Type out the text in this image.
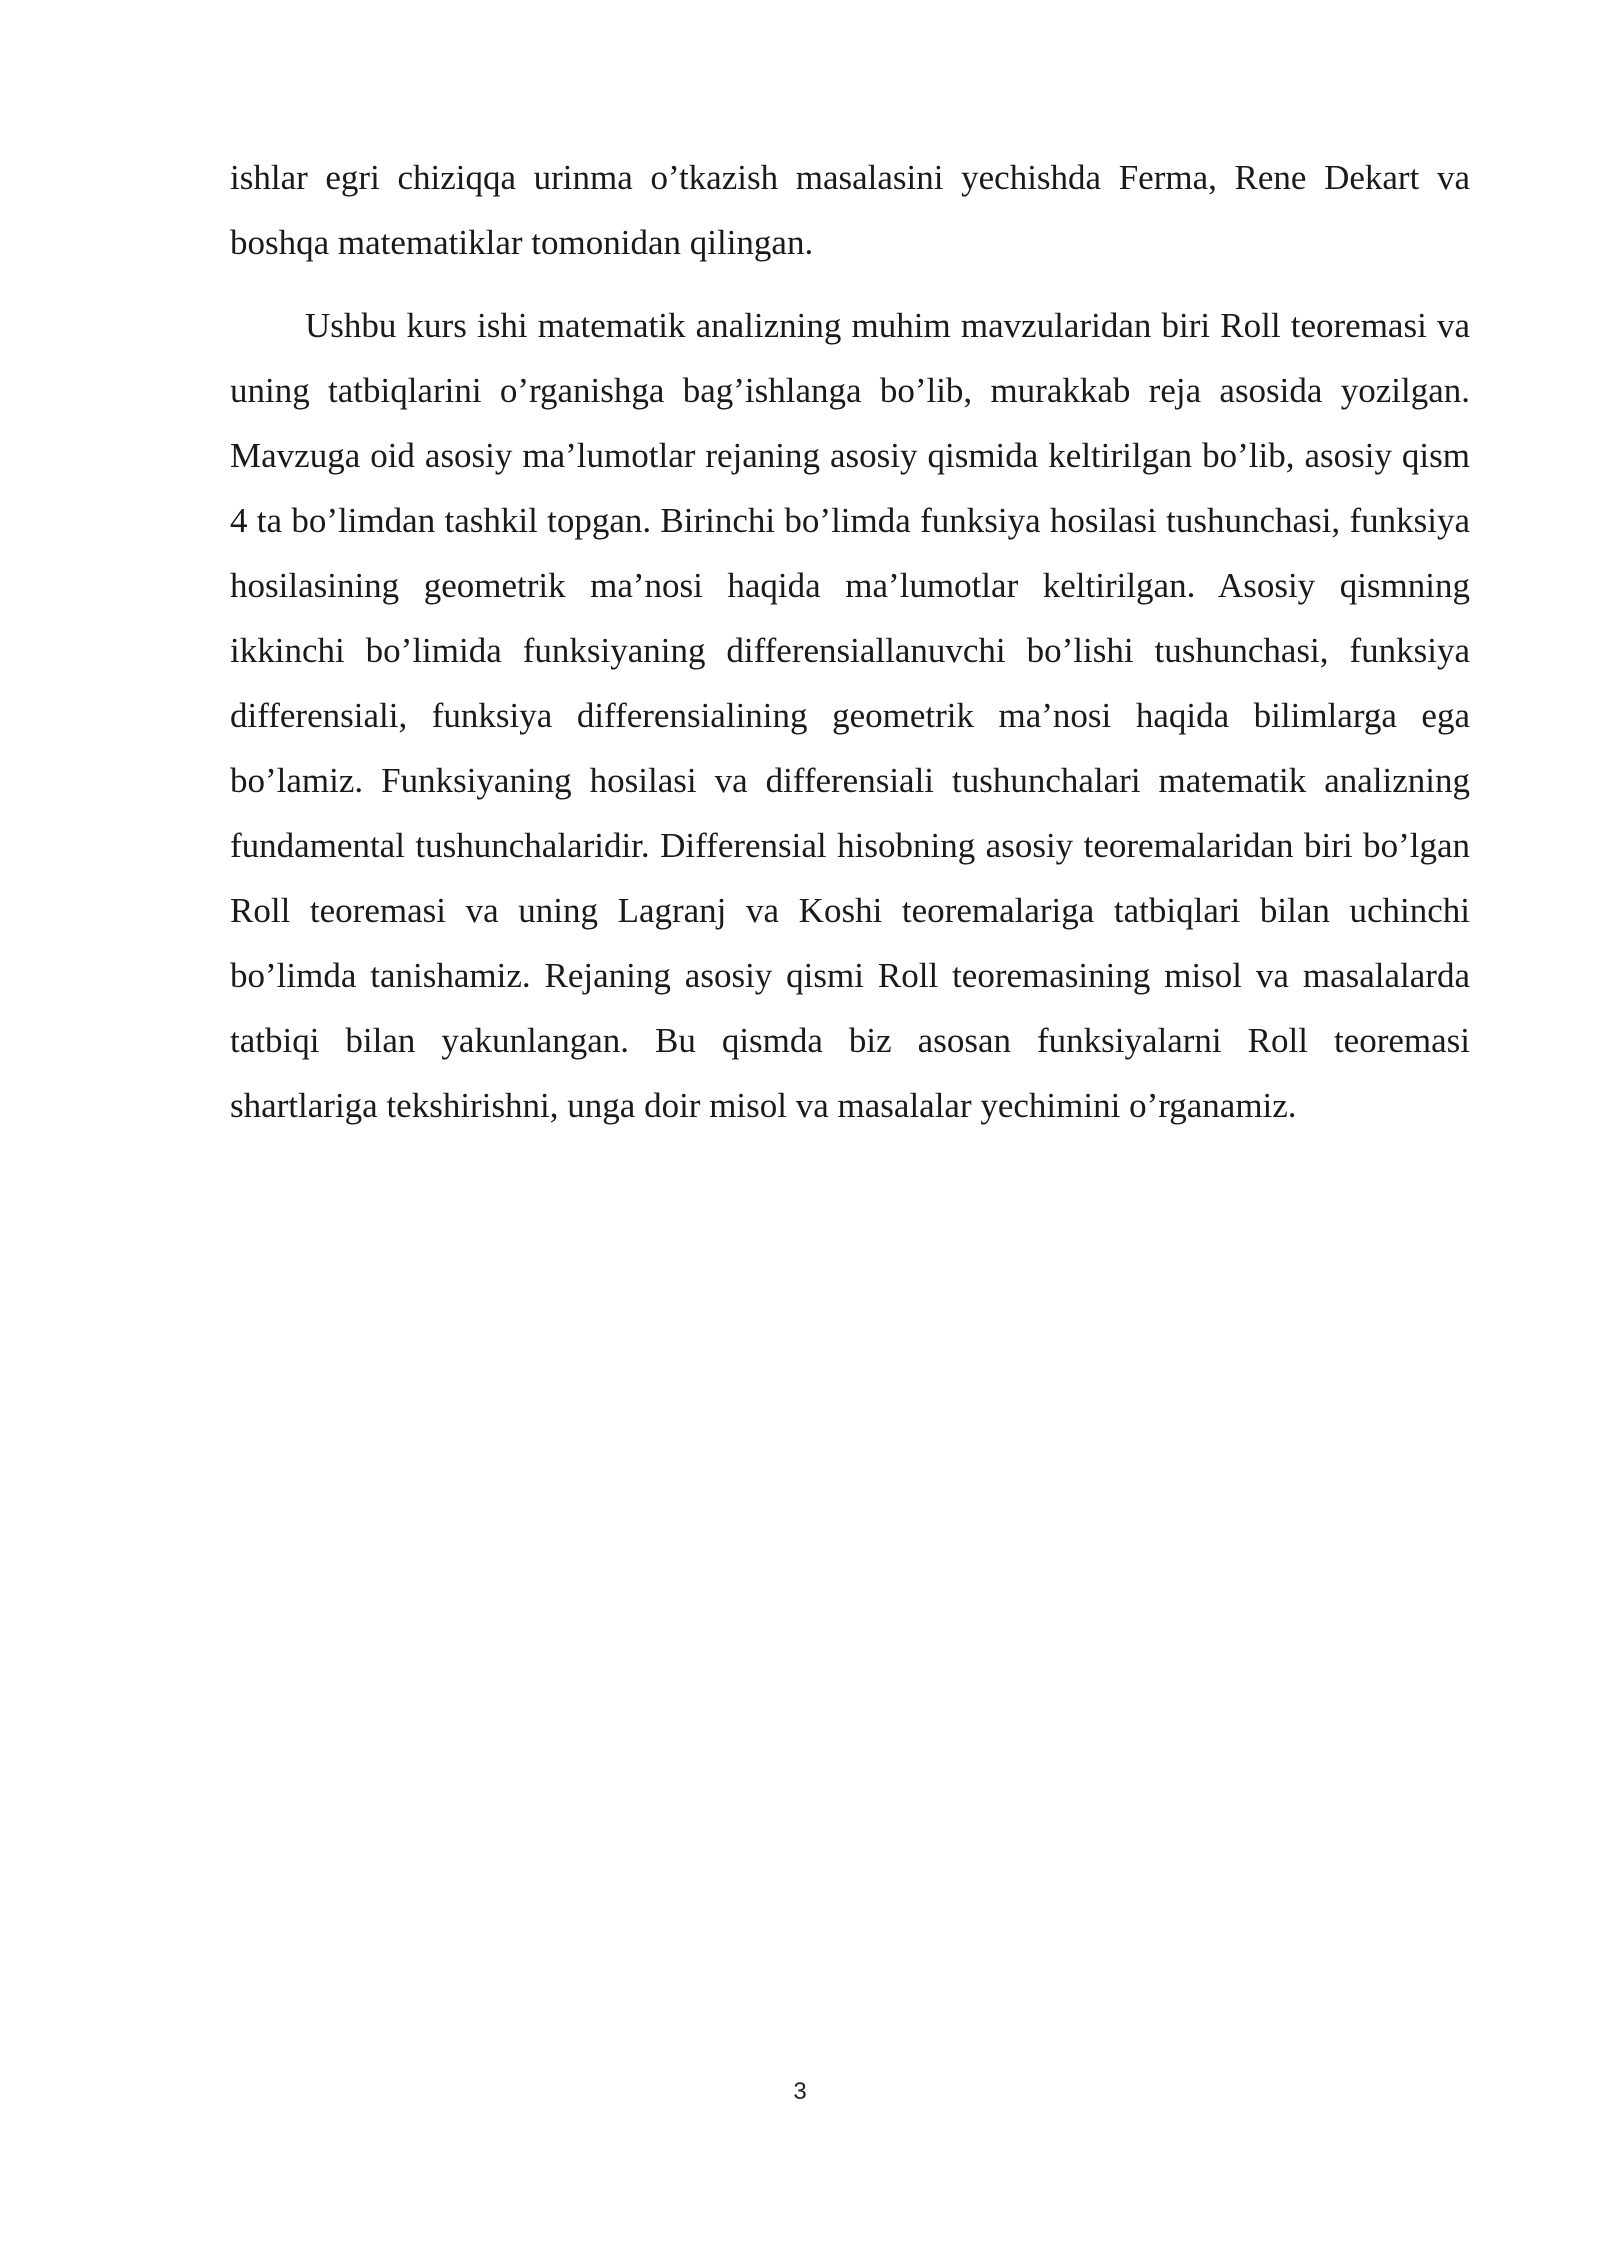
ishlar egri chiziqqa urinma o’tkazish masalasini yechishda Ferma, Rene Dekart va boshqa matematiklar tomonidan qilingan.

Ushbu kurs ishi matematik analizning muhim mavzularidan biri Roll teoremasi va uning tatbiqlarini o’rganishga bag’ishlanga bo’lib, murakkab reja asosida yozilgan. Mavzuga oid asosiy ma’lumotlar rejaning asosiy qismida keltirilgan bo’lib, asosiy qism 4 ta bo’limdan tashkil topgan. Birinchi bo’limda funksiya hosilasi tushunchasi, funksiya hosilasining geometrik ma’nosi haqida ma’lumotlar keltirilgan. Asosiy qismning ikkinchi bo’limida funksiyaning differensiallanuvchi bo’lishi tushunchasi, funksiya differensiali, funksiya differensialining geometrik ma’nosi haqida bilimlarga ega bo’lamiz. Funksiyaning hosilasi va differensiali tushunchalari matematik analizning fundamental tushunchalaridir. Differensial hisobning asosiy teoremalaridan biri bo’lgan Roll teoremasi va uning Lagranj va Koshi teoremalariga tatbiqlari bilan uchinchi bo’limda tanishamiz. Rejaning asosiy qismi Roll teoremasining misol va masalalarda tatbiqi bilan yakunlangan. Bu qismda biz asosan funksiyalarni Roll teoremasi shartlariga tekshirishni, unga doir misol va masalalar yechimini o’rganamiz.

3
